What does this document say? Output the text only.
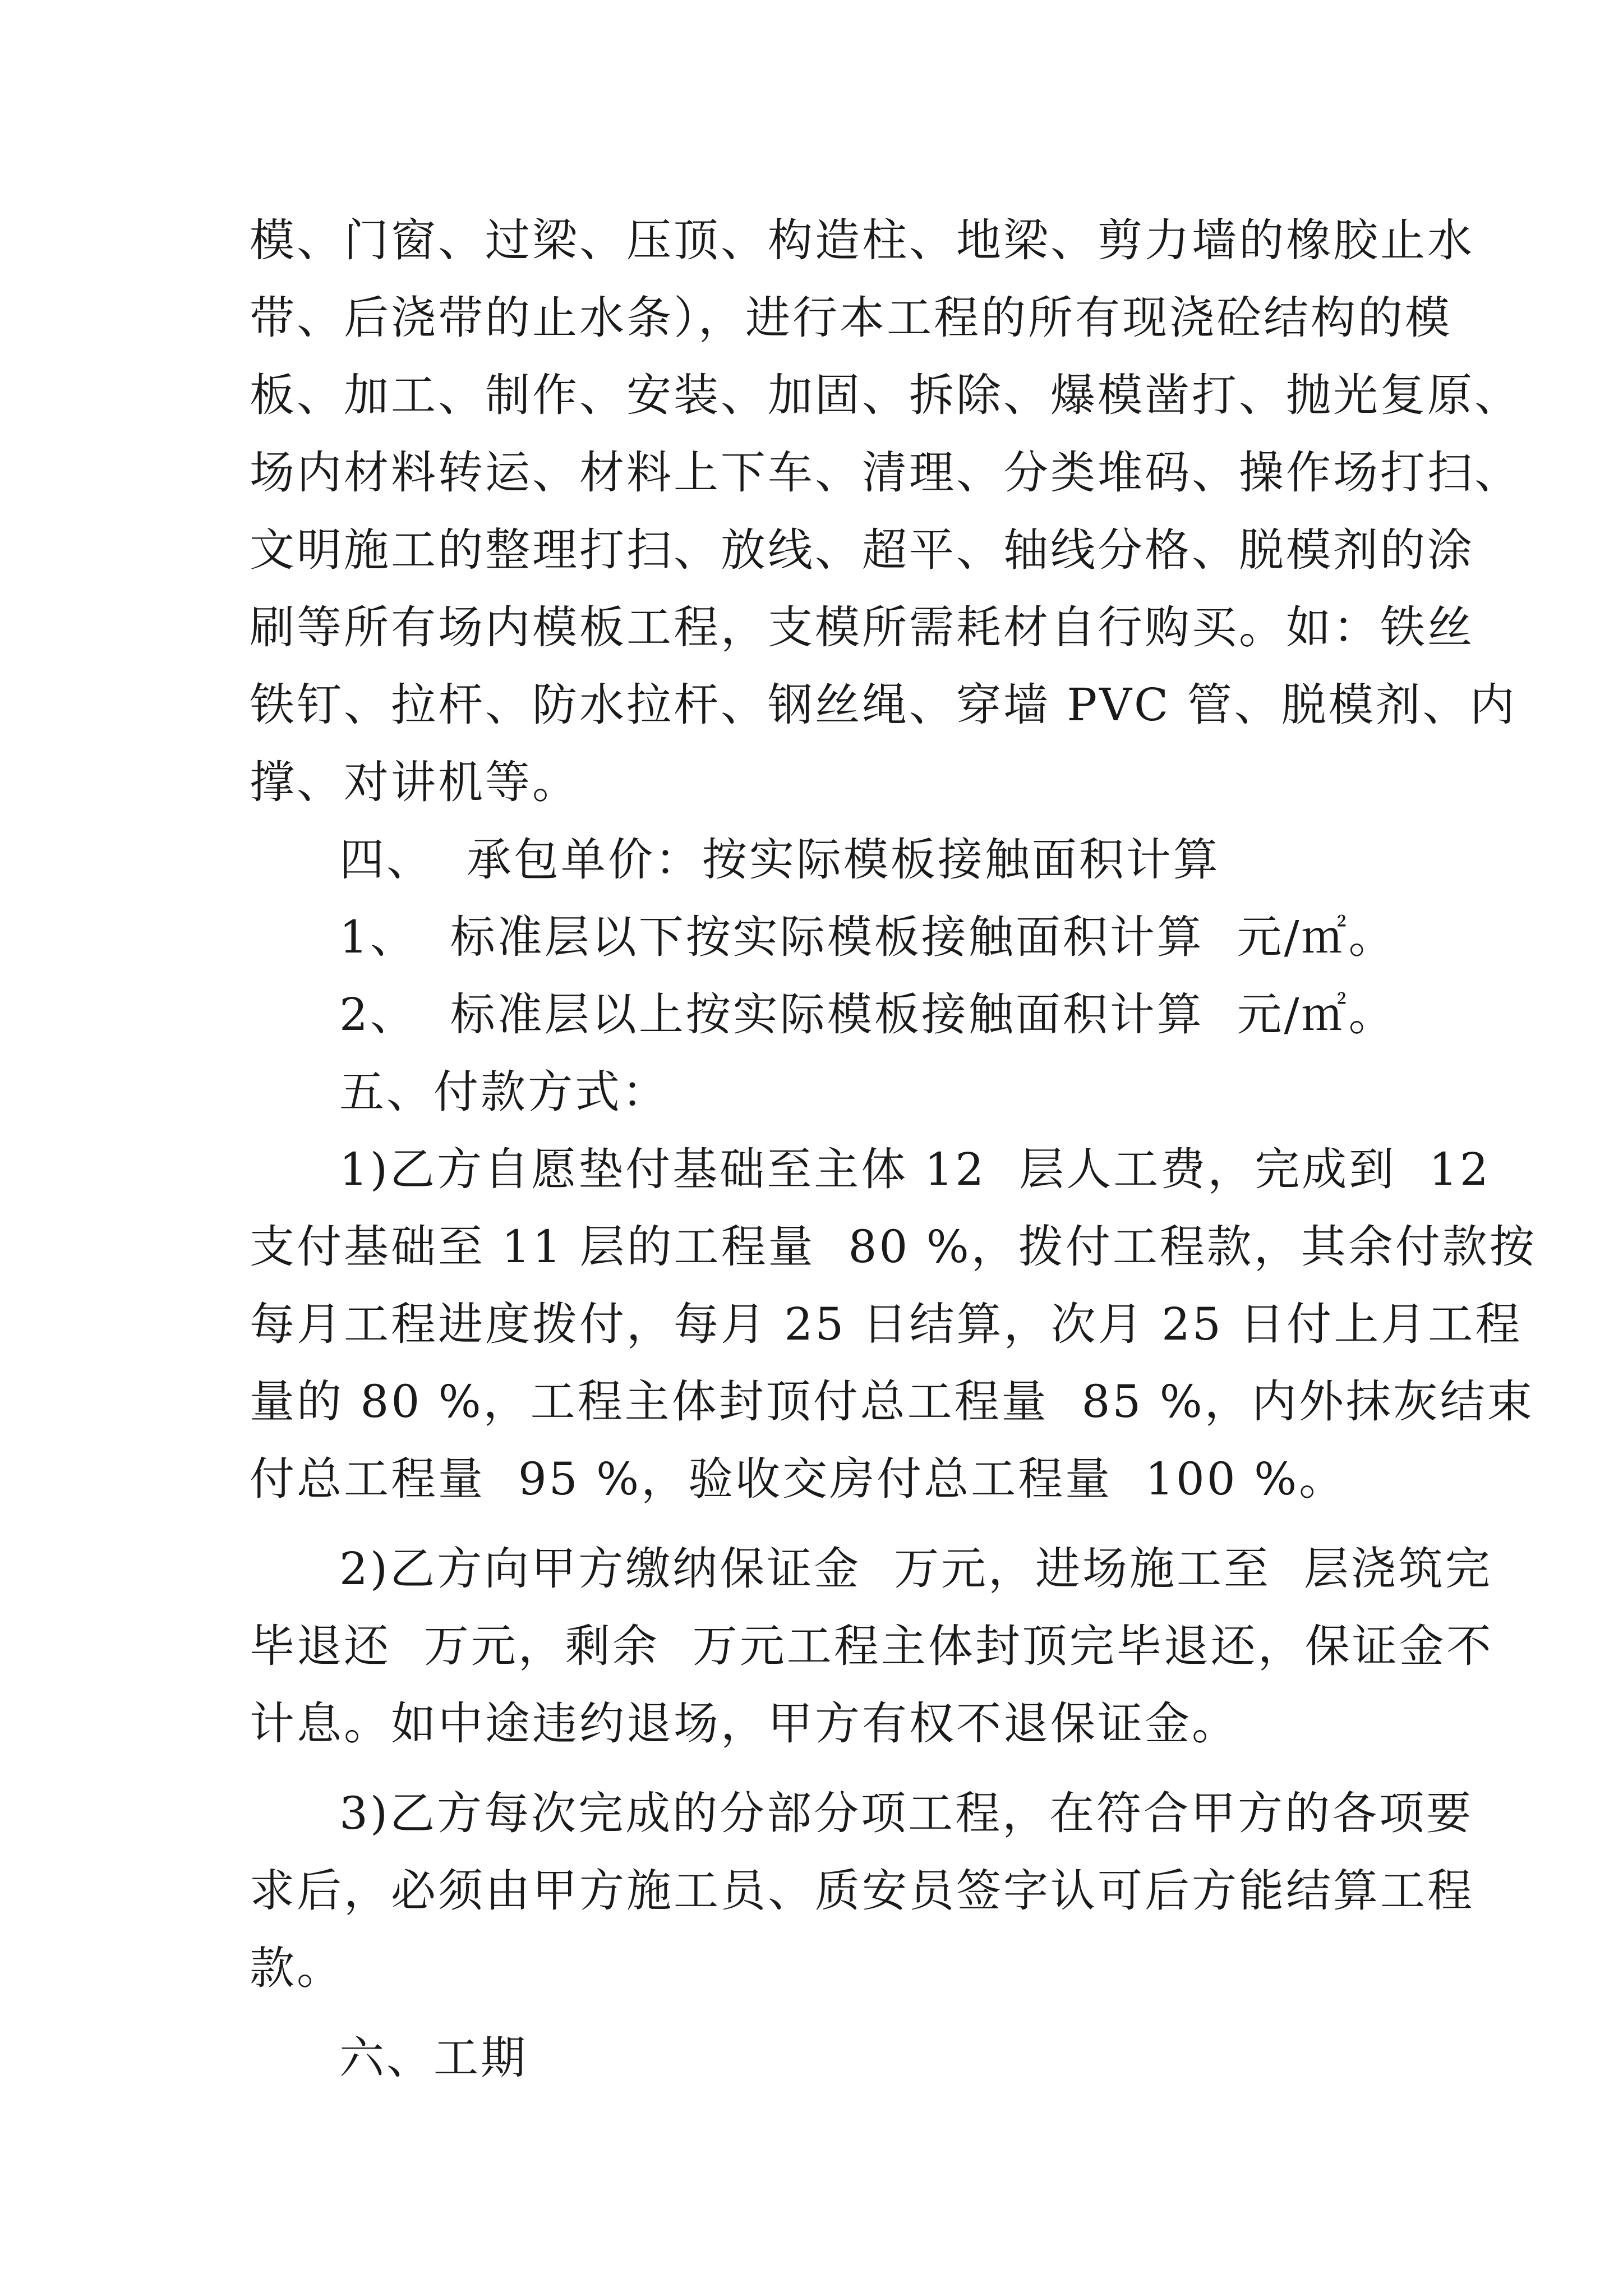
模、门窗、过梁、压顶、构造柱、地梁、剪力墙的橡胶止水
带、后浇带的止水条），进行本工程的所有现浇砼结构的模
板、加工、制作、安装、加固、拆除、爆模凿打、抛光复原、
场内材料转运、材料上下车、清理、分类堆码、操作场打扫、
文明施工的整理打扫、放线、超平、轴线分格、脱模剂的涂
刷等所有场内模板工程，支模所需耗材自行购买。如：铁丝
铁钉、拉杆、防水拉杆、钢丝绳、穿墙 PVC 管、脱模剂、内
撑、对讲机等。
四、  承包单价：按实际模板接触面积计算
1、  标准层以下按实际模板接触面积计算  元/㎡。
2、  标准层以上按实际模板接触面积计算  元/㎡。
五、付款方式：
1)乙方自愿垫付基础至主体 12  层人工费，完成到  12
支付基础至 11 层的工程量  80 %，拨付工程款，其余付款按
每月工程进度拨付，每月 25 日结算，次月 25 日付上月工程
量的 80 %，工程主体封顶付总工程量  85 %，内外抹灰结束
付总工程量  95 %，验收交房付总工程量  100 %。
2)乙方向甲方缴纳保证金  万元，进场施工至  层浇筑完
毕退还  万元，剩余  万元工程主体封顶完毕退还，保证金不
计息。如中途违约退场，甲方有权不退保证金。
3)乙方每次完成的分部分项工程，在符合甲方的各项要
求后，必须由甲方施工员、质安员签字认可后方能结算工程
款。
六、工期
